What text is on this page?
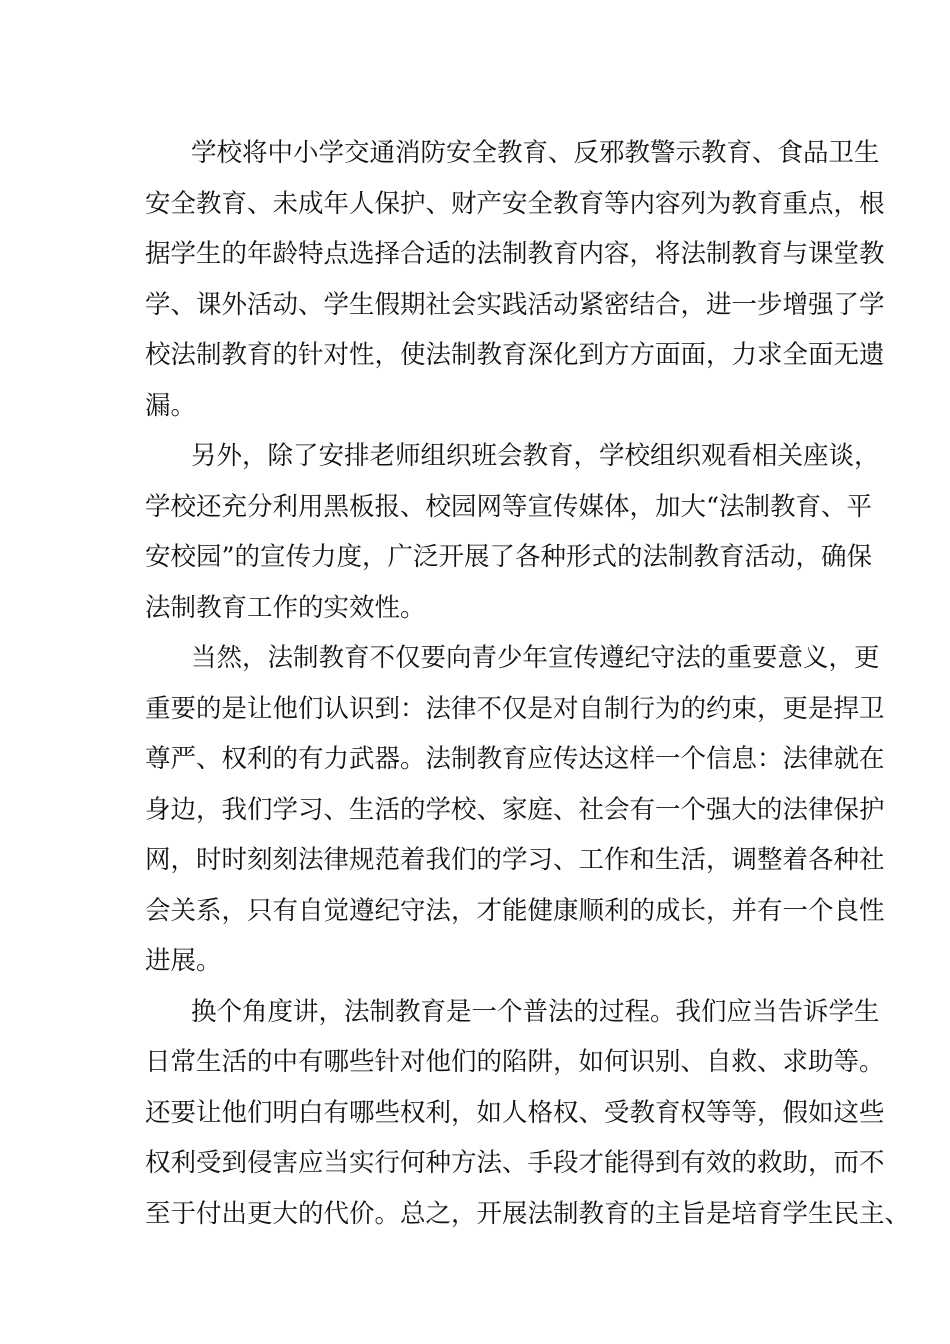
学校将中小学交通消防安全教育、反邪教警示教育、食品卫生
安全教育、未成年人保护、财产安全教育等内容列为教育重点，根
据学生的年龄特点选择合适的法制教育内容，将法制教育与课堂教
学、课外活动、学生假期社会实践活动紧密结合，进一步增强了学
校法制教育的针对性，使法制教育深化到方方面面，力求全面无遗
漏。
另外，除了安排老师组织班会教育，学校组织观看相关座谈，
学校还充分利用黑板报、校园网等宣传媒体，加大“法制教育、平
安校园”的宣传力度，广泛开展了各种形式的法制教育活动，确保
法制教育工作的实效性。
当然，法制教育不仅要向青少年宣传遵纪守法的重要意义，更
重要的是让他们认识到：法律不仅是对自制行为的约束，更是捍卫
尊严、权利的有力武器。法制教育应传达这样一个信息：法律就在
身边，我们学习、生活的学校、家庭、社会有一个强大的法律保护
网，时时刻刻法律规范着我们的学习、工作和生活，调整着各种社
会关系，只有自觉遵纪守法，才能健康顺利的成长，并有一个良性
进展。
换个角度讲，法制教育是一个普法的过程。我们应当告诉学生
日常生活的中有哪些针对他们的陷阱，如何识别、自救、求助等。
还要让他们明白有哪些权利，如人格权、受教育权等等，假如这些
权利受到侵害应当实行何种方法、手段才能得到有效的救助，而不
至于付出更大的代价。总之，开展法制教育的主旨是培育学生民主、
